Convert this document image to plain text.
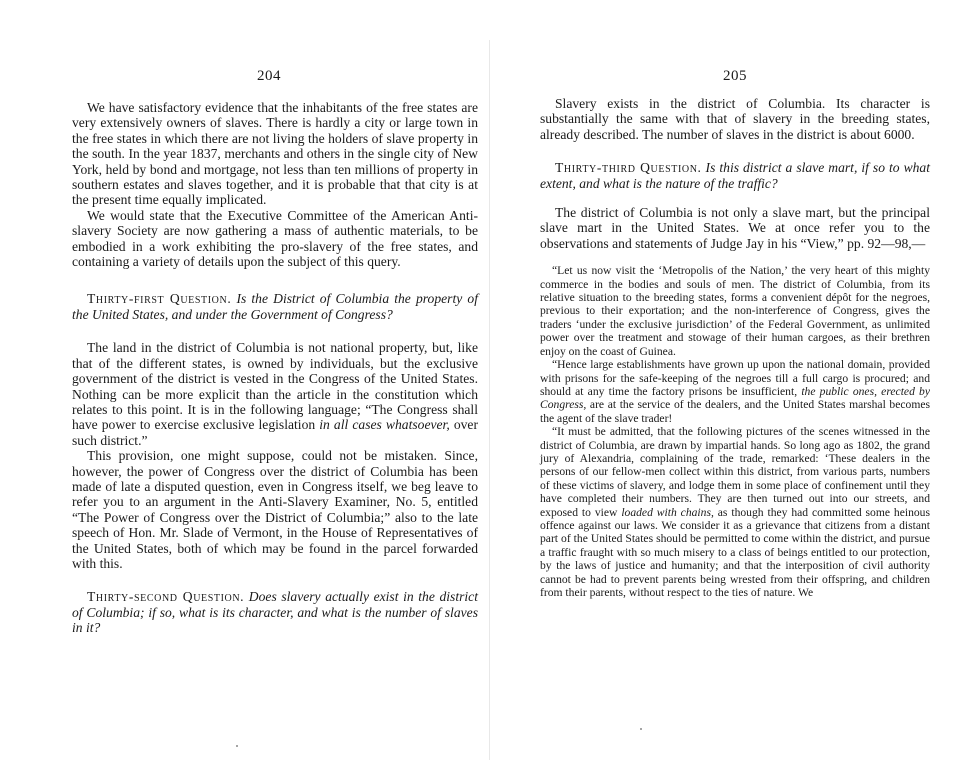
204

We have satisfactory evidence that the inhabitants of the free states are very extensively owners of slaves. There is hardly a city or large town in the free states in which there are not living the holders of slave property in the south. In the year 1837, merchants and others in the single city of New York, held by bond and mortgage, not less than ten millions of property in southern estates and slaves together, and it is probable that that city is at the present time equally implicated.

We would state that the Executive Committee of the American Anti-slavery Society are now gathering a mass of authentic materials, to be embodied in a work exhibiting the pro-slavery of the free states, and containing a variety of details upon the subject of this query.

Thirty-first Question. Is the District of Columbia the property of the United States, and under the Government of Congress?

The land in the district of Columbia is not national property, but, like that of the different states, is owned by individuals, but the exclusive government of the district is vested in the Congress of the United States. Nothing can be more explicit than the article in the constitution which relates to this point. It is in the following language; “The Congress shall have power to exercise exclusive legislation in all cases whatsoever, over such district.”

This provision, one might suppose, could not be mistaken. Since, however, the power of Congress over the district of Columbia has been made of late a disputed question, even in Congress itself, we beg leave to refer you to an argument in the Anti-Slavery Examiner, No. 5, entitled “The Power of Congress over the District of Columbia;” also to the late speech of Hon. Mr. Slade of Vermont, in the House of Representatives of the United States, both of which may be found in the parcel forwarded with this.

Thirty-second Question. Does slavery actually exist in the district of Columbia; if so, what is its character, and what is the number of slaves in it?
205

Slavery exists in the district of Columbia. Its character is substantially the same with that of slavery in the breeding states, already described. The number of slaves in the district is about 6000.

Thirty-third Question. Is this district a slave mart, if so to what extent, and what is the nature of the traffic?

The district of Columbia is not only a slave mart, but the principal slave mart in the United States. We at once refer you to the observations and statements of Judge Jay in his “View,” pp. 92—98,—

“Let us now visit the ‘Metropolis of the Nation,’ the very heart of this mighty commerce in the bodies and souls of men. The district of Columbia, from its relative situation to the breeding states, forms a convenient dépôt for the negroes, previous to their exportation; and the non-interference of Congress, gives the traders ‘under the exclusive jurisdiction’ of the Federal Government, as unlimited power over the treatment and stowage of their human cargoes, as their brethren enjoy on the coast of Guinea.

“Hence large establishments have grown up upon the national domain, provided with prisons for the safe-keeping of the negroes till a full cargo is procured; and should at any time the factory prisons be insufficient, the public ones, erected by Congress, are at the service of the dealers, and the United States marshal becomes the agent of the slave trader!

“It must be admitted, that the following pictures of the scenes witnessed in the district of Columbia, are drawn by impartial hands. So long ago as 1802, the grand jury of Alexandria, complaining of the trade, remarked: ‘These dealers in the persons of our fellow-men collect within this district, from various parts, numbers of these victims of slavery, and lodge them in some place of confinement until they have completed their numbers. They are then turned out into our streets, and exposed to view loaded with chains, as though they had committed some heinous offence against our laws. We consider it as a grievance that citizens from a distant part of the United States should be permitted to come within the district, and pursue a traffic fraught with so much misery to a class of beings entitled to our protection, by the laws of justice and humanity; and that the interposition of civil authority cannot be had to prevent parents being wrested from their offspring, and children from their parents, without respect to the ties of nature. We
